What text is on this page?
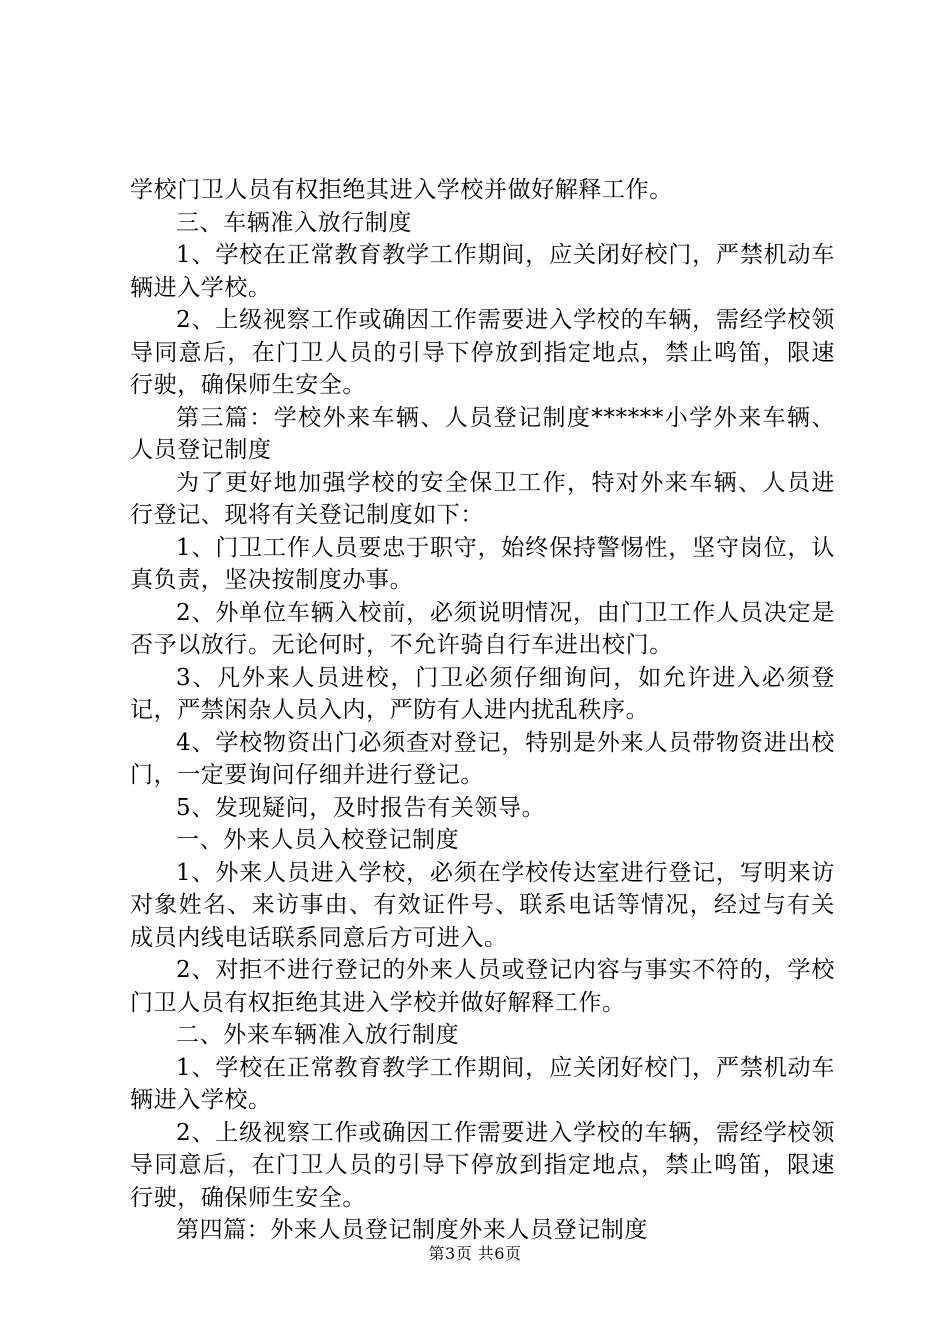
学校门卫人员有权拒绝其进入学校并做好解释工作。

三、车辆准入放行制度

1、学校在正常教育教学工作期间，应关闭好校门，严禁机动车辆进入学校。

2、上级视察工作或确因工作需要进入学校的车辆，需经学校领导同意后，在门卫人员的引导下停放到指定地点，禁止鸣笛，限速行驶，确保师生安全。

第三篇：学校外来车辆、人员登记制度******小学外来车辆、人员登记制度

为了更好地加强学校的安全保卫工作，特对外来车辆、人员进行登记、现将有关登记制度如下：

1、门卫工作人员要忠于职守，始终保持警惕性，坚守岗位，认真负责，坚决按制度办事。

2、外单位车辆入校前，必须说明情况，由门卫工作人员决定是否予以放行。无论何时，不允许骑自行车进出校门。

3、凡外来人员进校，门卫必须仔细询问，如允许进入必须登记，严禁闲杂人员入内，严防有人进内扰乱秩序。

4、学校物资出门必须查对登记，特别是外来人员带物资进出校门，一定要询问仔细并进行登记。

5、发现疑问，及时报告有关领导。

一、外来人员入校登记制度

1、外来人员进入学校，必须在学校传达室进行登记，写明来访对象姓名、来访事由、有效证件号、联系电话等情况，经过与有关成员内线电话联系同意后方可进入。

2、对拒不进行登记的外来人员或登记内容与事实不符的，学校门卫人员有权拒绝其进入学校并做好解释工作。

二、外来车辆准入放行制度

1、学校在正常教育教学工作期间，应关闭好校门，严禁机动车辆进入学校。

2、上级视察工作或确因工作需要进入学校的车辆，需经学校领导同意后，在门卫人员的引导下停放到指定地点，禁止鸣笛，限速行驶，确保师生安全。

第四篇：外来人员登记制度外来人员登记制度

第3页 共6页
